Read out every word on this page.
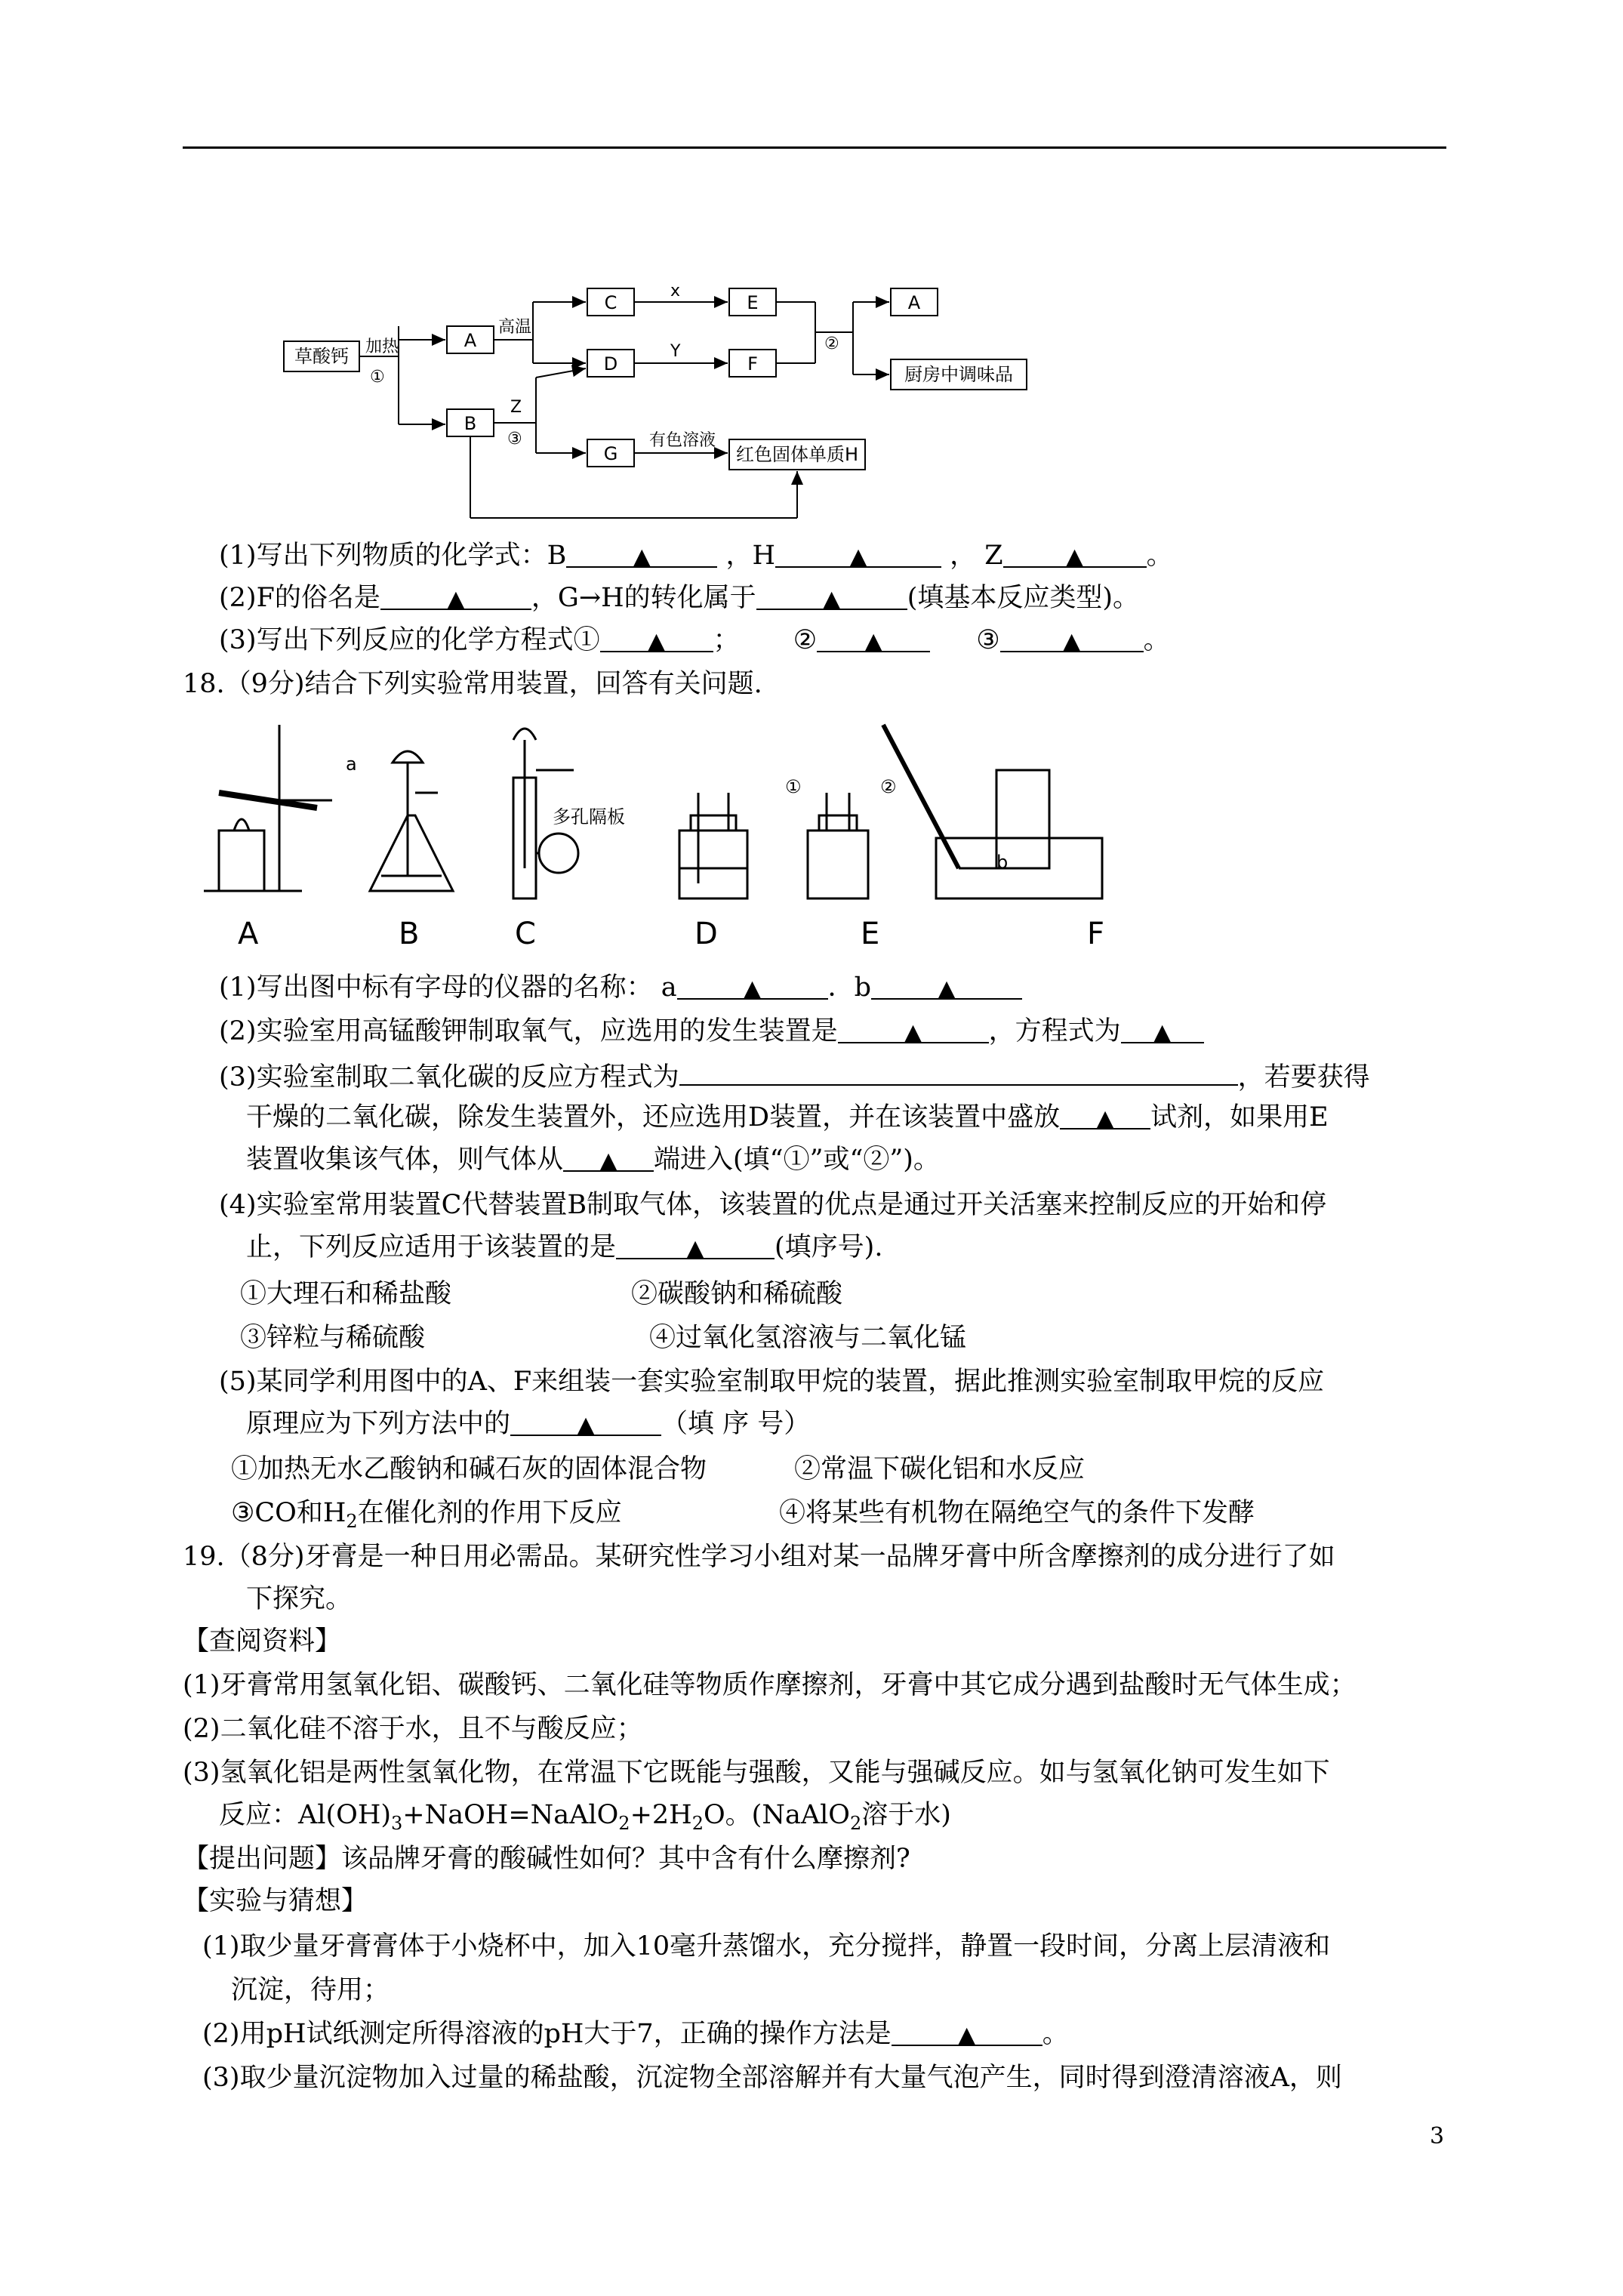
草酸钙
A
B
C
D
E
F
A
厨房中调味品
G	红色固体单质H
加热
①
高温
x
Y	②
Z
③	有色溶液
(1)写出下列物质的化学式：B	▲	，H	▲	， Z	▲ 。
(2)F的俗名是	▲	，G→H的转化属于	▲	(填基本反应类型)。
(3)写出下列反应的化学方程式① ▲ ； ② ▲	③	▲ 。
18.（9分)结合下列实验常用装置，回答有关问题.
A	B	C	D	E	F
a
b
多孔隔板
①	②
(1)写出图中标有字母的仪器的名称： a	▲	．b	▲
(2)实验室用高锰酸钾制取氧气，应选用的发生装置是	▲	，方程式为 ▲
(3)实验室制取二氧化碳的反应方程式为	，若要获得
干燥的二氧化碳，除发生装置外，还应选用D装置，并在该装置中盛放 ▲ 试剂，如果用E
装置收集该气体，则气体从 ▲ 端进入(填“①”或“②”)。
(4)实验室常用装置C代替装置B制取气体，该装置的优点是通过开关活塞来控制反应的开始和停
止，下列反应适用于该装置的是	▲	(填序号).
①大理石和稀盐酸	②碳酸钠和稀硫酸
③锌粒与稀硫酸	④过氧化氢溶液与二氧化锰
(5)某同学利用图中的A、F来组装一套实验室制取甲烷的装置，据此推测实验室制取甲烷的反应
原理应为下列方法中的	▲	（填 序 号）
①加热无水乙酸钠和碱石灰的固体混合物	②常温下碳化铝和水反应
③CO和$H_2$在催化剂的作用下反应	④将某些有机物在隔绝空气的条件下发酵
19.（8分)牙膏是一种日用必需品。某研究性学习小组对某一品牌牙膏中所含摩擦剂的成分进行了如
下探究。
【查阅资料】
(1)牙膏常用氢氧化铝、碳酸钙、二氧化硅等物质作摩擦剂，牙膏中其它成分遇到盐酸时无气体生成；
(2)二氧化硅不溶于水，且不与酸反应；
(3)氢氧化铝是两性氢氧化物，在常温下它既能与强酸，又能与强碱反应。如与氢氧化钠可发生如下
反应：$Al(OH)_3+NaOH=NaAlO_2+2H_2O$。(NaAlO$_2$溶于水)
【提出问题】该品牌牙膏的酸碱性如何？其中含有什么摩擦剂?
【实验与猜想】
(1)取少量牙膏膏体于小烧杯中，加入10毫升蒸馏水，充分搅拌，静置一段时间，分离上层清液和
沉淀，待用；
(2)用pH试纸测定所得溶液的pH大于7，正确的操作方法是	▲	。
(3)取少量沉淀物加入过量的稀盐酸，沉淀物全部溶解并有大量气泡产生，同时得到澄清溶液A，则
3
